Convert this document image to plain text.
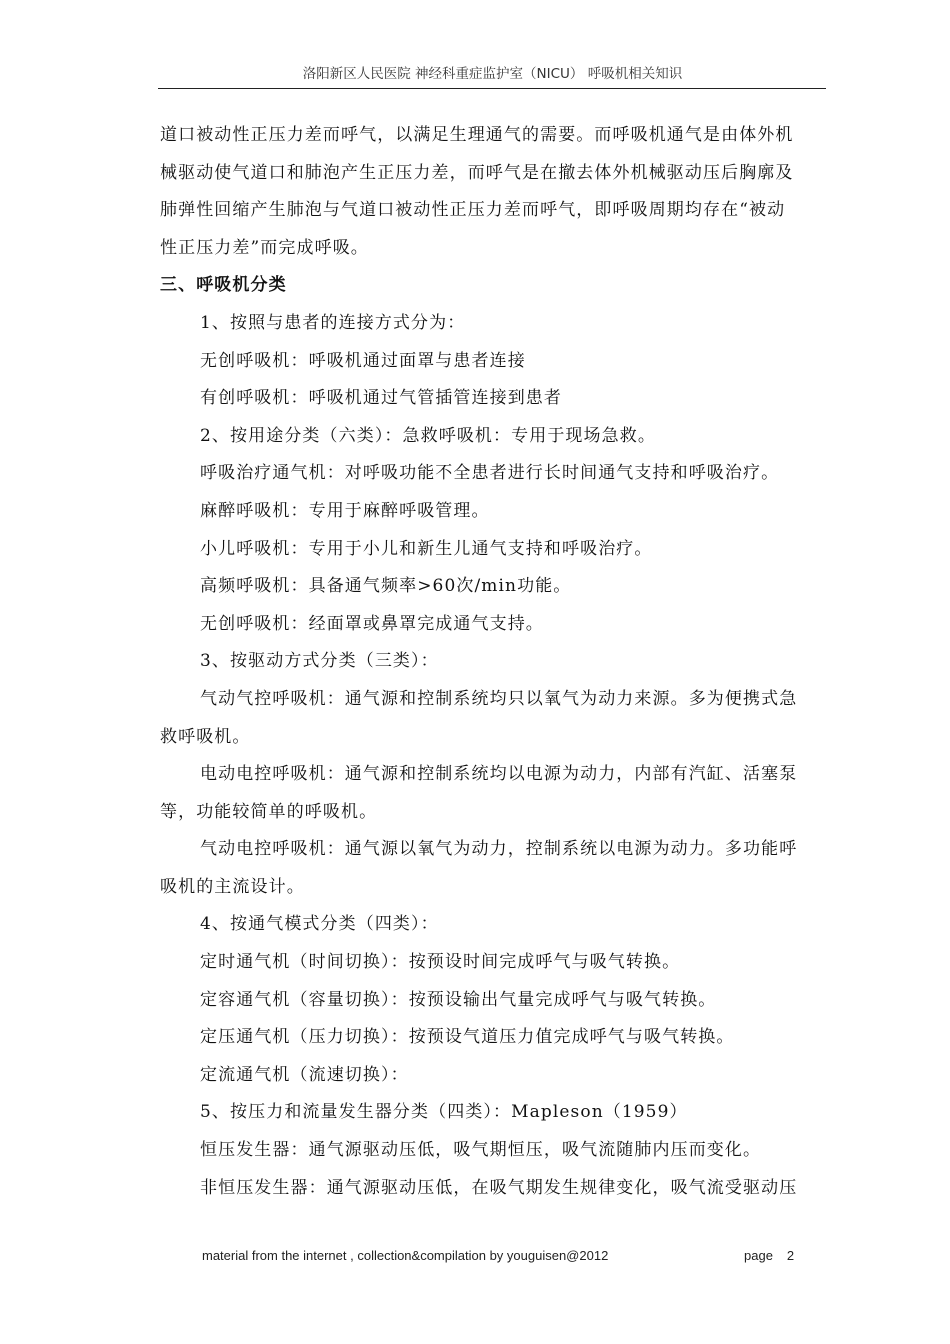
洛阳新区人民医院 神经科重症监护室（NICU） 呼吸机相关知识

道口被动性正压力差而呼气，以满足生理通气的需要。而呼吸机通气是由体外机

械驱动使气道口和肺泡产生正压力差，而呼气是在撤去体外机械驱动压后胸廓及

肺弹性回缩产生肺泡与气道口被动性正压力差而呼气，即呼吸周期均存在“被动

性正压力差”而完成呼吸。

三、呼吸机分类

1、按照与患者的连接方式分为：

无创呼吸机：呼吸机通过面罩与患者连接

有创呼吸机：呼吸机通过气管插管连接到患者

2、按用途分类（六类）：急救呼吸机：专用于现场急救。

呼吸治疗通气机：对呼吸功能不全患者进行长时间通气支持和呼吸治疗。

麻醉呼吸机：专用于麻醉呼吸管理。

小儿呼吸机：专用于小儿和新生儿通气支持和呼吸治疗。

高频呼吸机：具备通气频率>60次/min功能。

无创呼吸机：经面罩或鼻罩完成通气支持。

3、按驱动方式分类（三类）：

气动气控呼吸机：通气源和控制系统均只以氧气为动力来源。多为便携式急

救呼吸机。

电动电控呼吸机：通气源和控制系统均以电源为动力，内部有汽缸、活塞泵

等，功能较简单的呼吸机。

气动电控呼吸机：通气源以氧气为动力，控制系统以电源为动力。多功能呼

吸机的主流设计。

4、按通气模式分类（四类）：

定时通气机（时间切换）：按预设时间完成呼气与吸气转换。

定容通气机（容量切换）：按预设输出气量完成呼气与吸气转换。

定压通气机（压力切换）：按预设气道压力值完成呼气与吸气转换。

定流通气机（流速切换）：

5、按压力和流量发生器分类（四类）：Mapleson（1959）

恒压发生器：通气源驱动压低，吸气期恒压，吸气流随肺内压而变化。

非恒压发生器：通气源驱动压低，在吸气期发生规律变化，吸气流受驱动压

material from the internet , collection&compilation by youguisen@2012	page 2
